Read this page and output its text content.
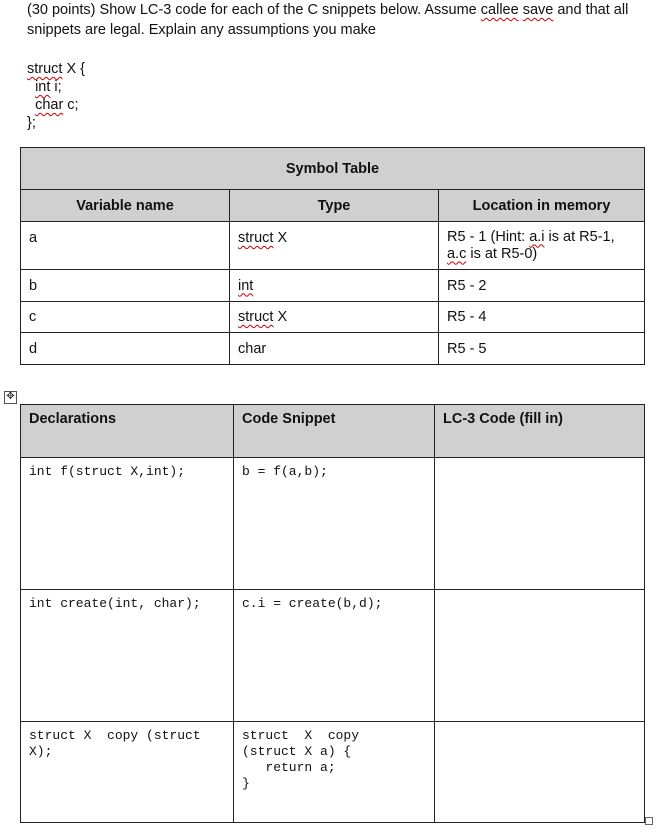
(30 points) Show LC-3 code for each of the C snippets below. Assume callee save and that all
snippets are legal. Explain any assumptions you make
struct X {
int i;
char c;
};
Symbol Table		
Variable name	Type	Location in memory
a	struct X	R5 - 1 (Hint: a.i is at R5-1,
a.c is at R5-0)
b	int	R5 - 2
c	struct X	R5 - 4
d	char	R5 - 5
✥
Declarations	Code Snippet	LC-3 Code (fill in)
int f(struct X,int);	b = f(a,b);	
int create(int, char);	c.i = create(b,d);	
struct X  copy (struct
X);	struct  X  copy
(struct X a) {
return a;
}	
